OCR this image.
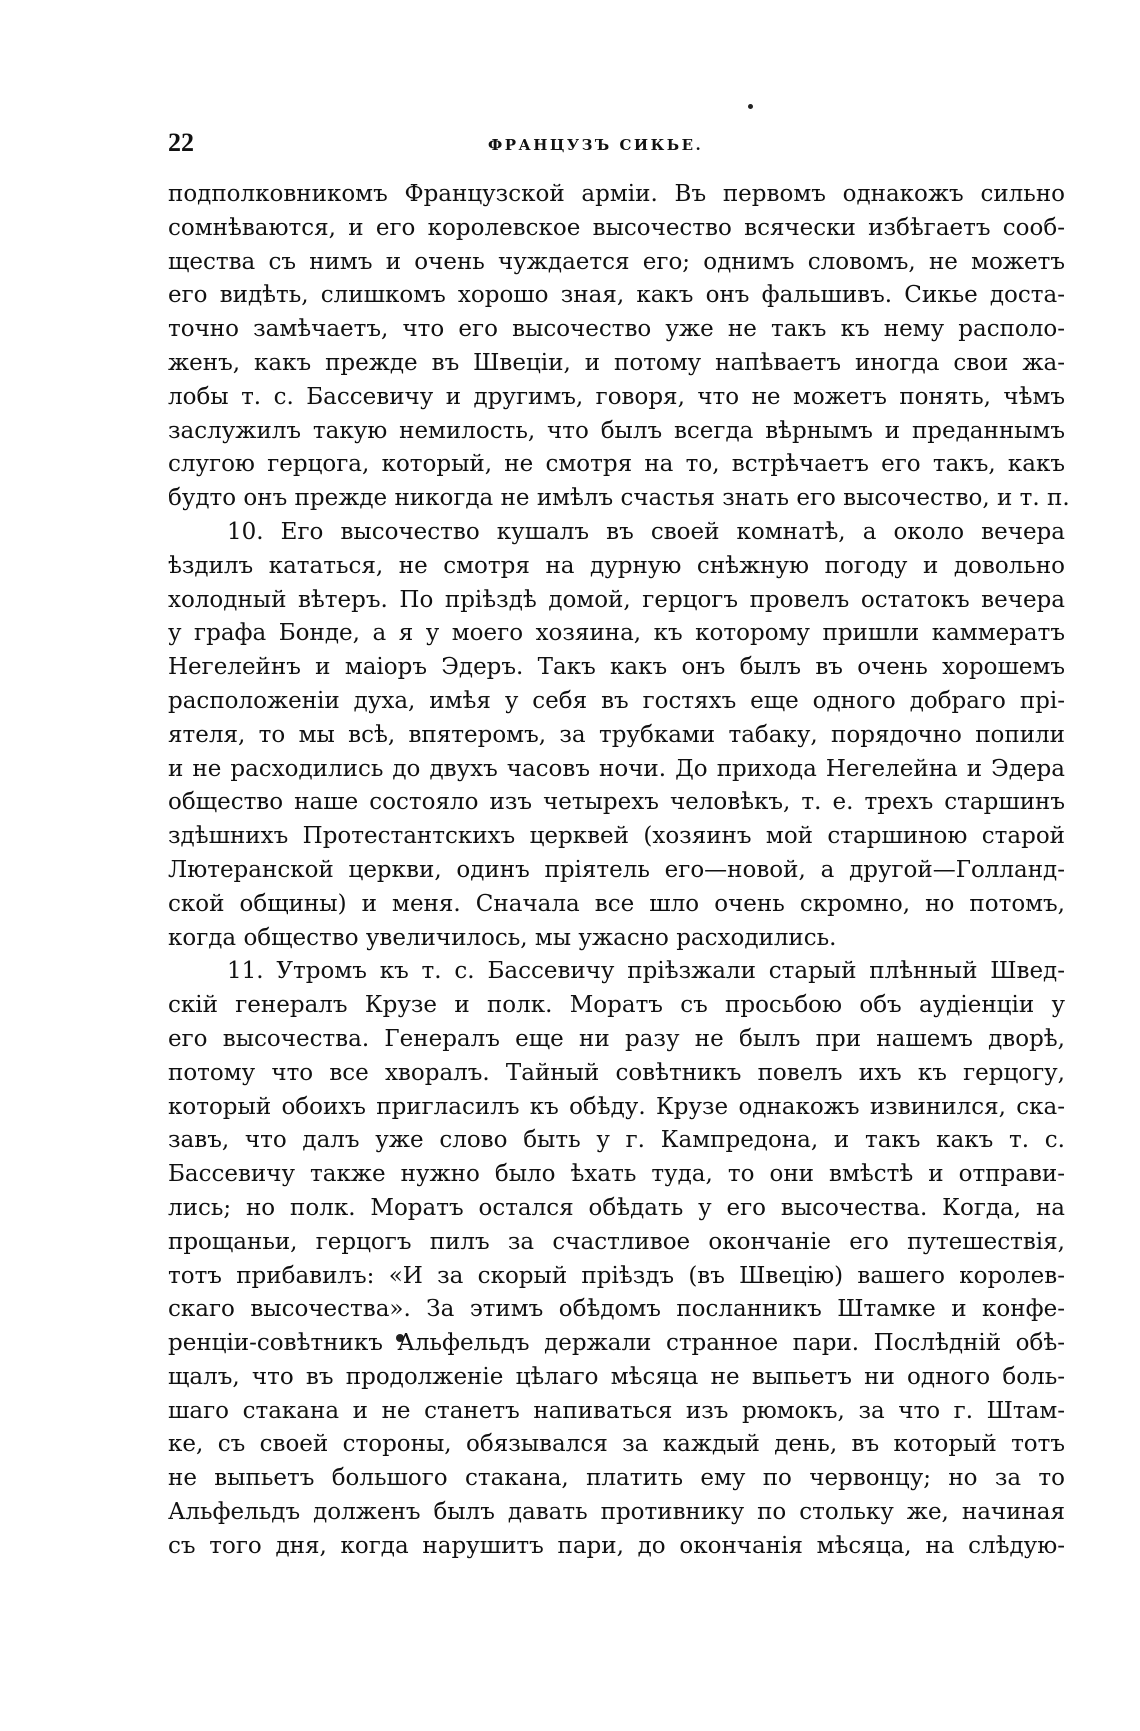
22	ФРАНЦУЗЪ СИКЬЕ.
подполковникомъ Французской арміи. Въ первомъ однакожъ сильно
сомнѣваются, и его королевское высочество всячески избѣгаетъ сооб-
щества съ нимъ и очень чуждается его; однимъ словомъ, не можетъ
его видѣть, слишкомъ хорошо зная, какъ онъ фальшивъ. Сикье доста-
точно замѣчаетъ, что его высочество уже не такъ къ нему располо-
женъ, какъ прежде въ Швеціи, и потому напѣваетъ иногда свои жа-
лобы т. с. Бассевичу и другимъ, говоря, что не можетъ понять, чѣмъ
заслужилъ такую немилость, что былъ всегда вѣрнымъ и преданнымъ
слугою герцога, который, не смотря на то, встрѣчаетъ его такъ, какъ
будто онъ прежде никогда не имѣлъ счастья знать его высочество, и т. п.
10. Его высочество кушалъ въ своей комнатѣ, а около вечера
ѣздилъ кататься, не смотря на дурную снѣжную погоду и довольно
холодный вѣтеръ. По пріѣздѣ домой, герцогъ провелъ остатокъ вечера
у графа Бонде, а я у моего хозяина, къ которому пришли каммератъ
Негелейнъ и маіоръ Эдеръ. Такъ какъ онъ былъ въ очень хорошемъ
расположеніи духа, имѣя у себя въ гостяхъ еще одного добраго прі-
ятеля, то мы всѣ, впятеромъ, за трубками табаку, порядочно попили
и не расходились до двухъ часовъ ночи. До прихода Негелейна и Эдера
общество наше состояло изъ четырехъ человѣкъ, т. е. трехъ старшинъ
здѣшнихъ Протестантскихъ церквей (хозяинъ мой старшиною старой
Лютеранской церкви, одинъ пріятель его—новой, а другой—Голланд-
ской общины) и меня. Сначала все шло очень скромно, но потомъ,
когда общество увеличилось, мы ужасно расходились.
11. Утромъ къ т. с. Бассевичу пріѣзжали старый плѣнный Швед-
скій генералъ Крузе и полк. Моратъ съ просьбою объ аудіенціи у
его высочества. Генералъ еще ни разу не былъ при нашемъ дворѣ,
потому что все хворалъ. Тайный совѣтникъ повелъ ихъ къ герцогу,
который обоихъ пригласилъ къ обѣду. Крузе однакожъ извинился, ска-
завъ, что далъ уже слово быть у г. Кампредона, и такъ какъ т. с.
Бассевичу также нужно было ѣхать туда, то они вмѣстѣ и отправи-
лись; но полк. Моратъ остался обѣдать у его высочества. Когда, на
прощаньи, герцогъ пилъ за счастливое окончаніе его путешествія,
тотъ прибавилъ: «И за скорый пріѣздъ (въ Швецію) вашего королев-
скаго высочества». За этимъ обѣдомъ посланникъ Штамке и конфе-
ренціи-совѣтникъ Альфельдъ держали странное пари. Послѣдній обѣ-
щалъ, что въ продолженіе цѣлаго мѣсяца не выпьетъ ни одного боль-
шаго стакана и не станетъ напиваться изъ рюмокъ, за что г. Штам-
ке, съ своей стороны, обязывался за каждый день, въ который тотъ
не выпьетъ большого стакана, платить ему по червонцу; но за то
Альфельдъ долженъ былъ давать противнику по стольку же, начиная
съ того дня, когда нарушитъ пари, до окончанія мѣсяца, на слѣдую-
